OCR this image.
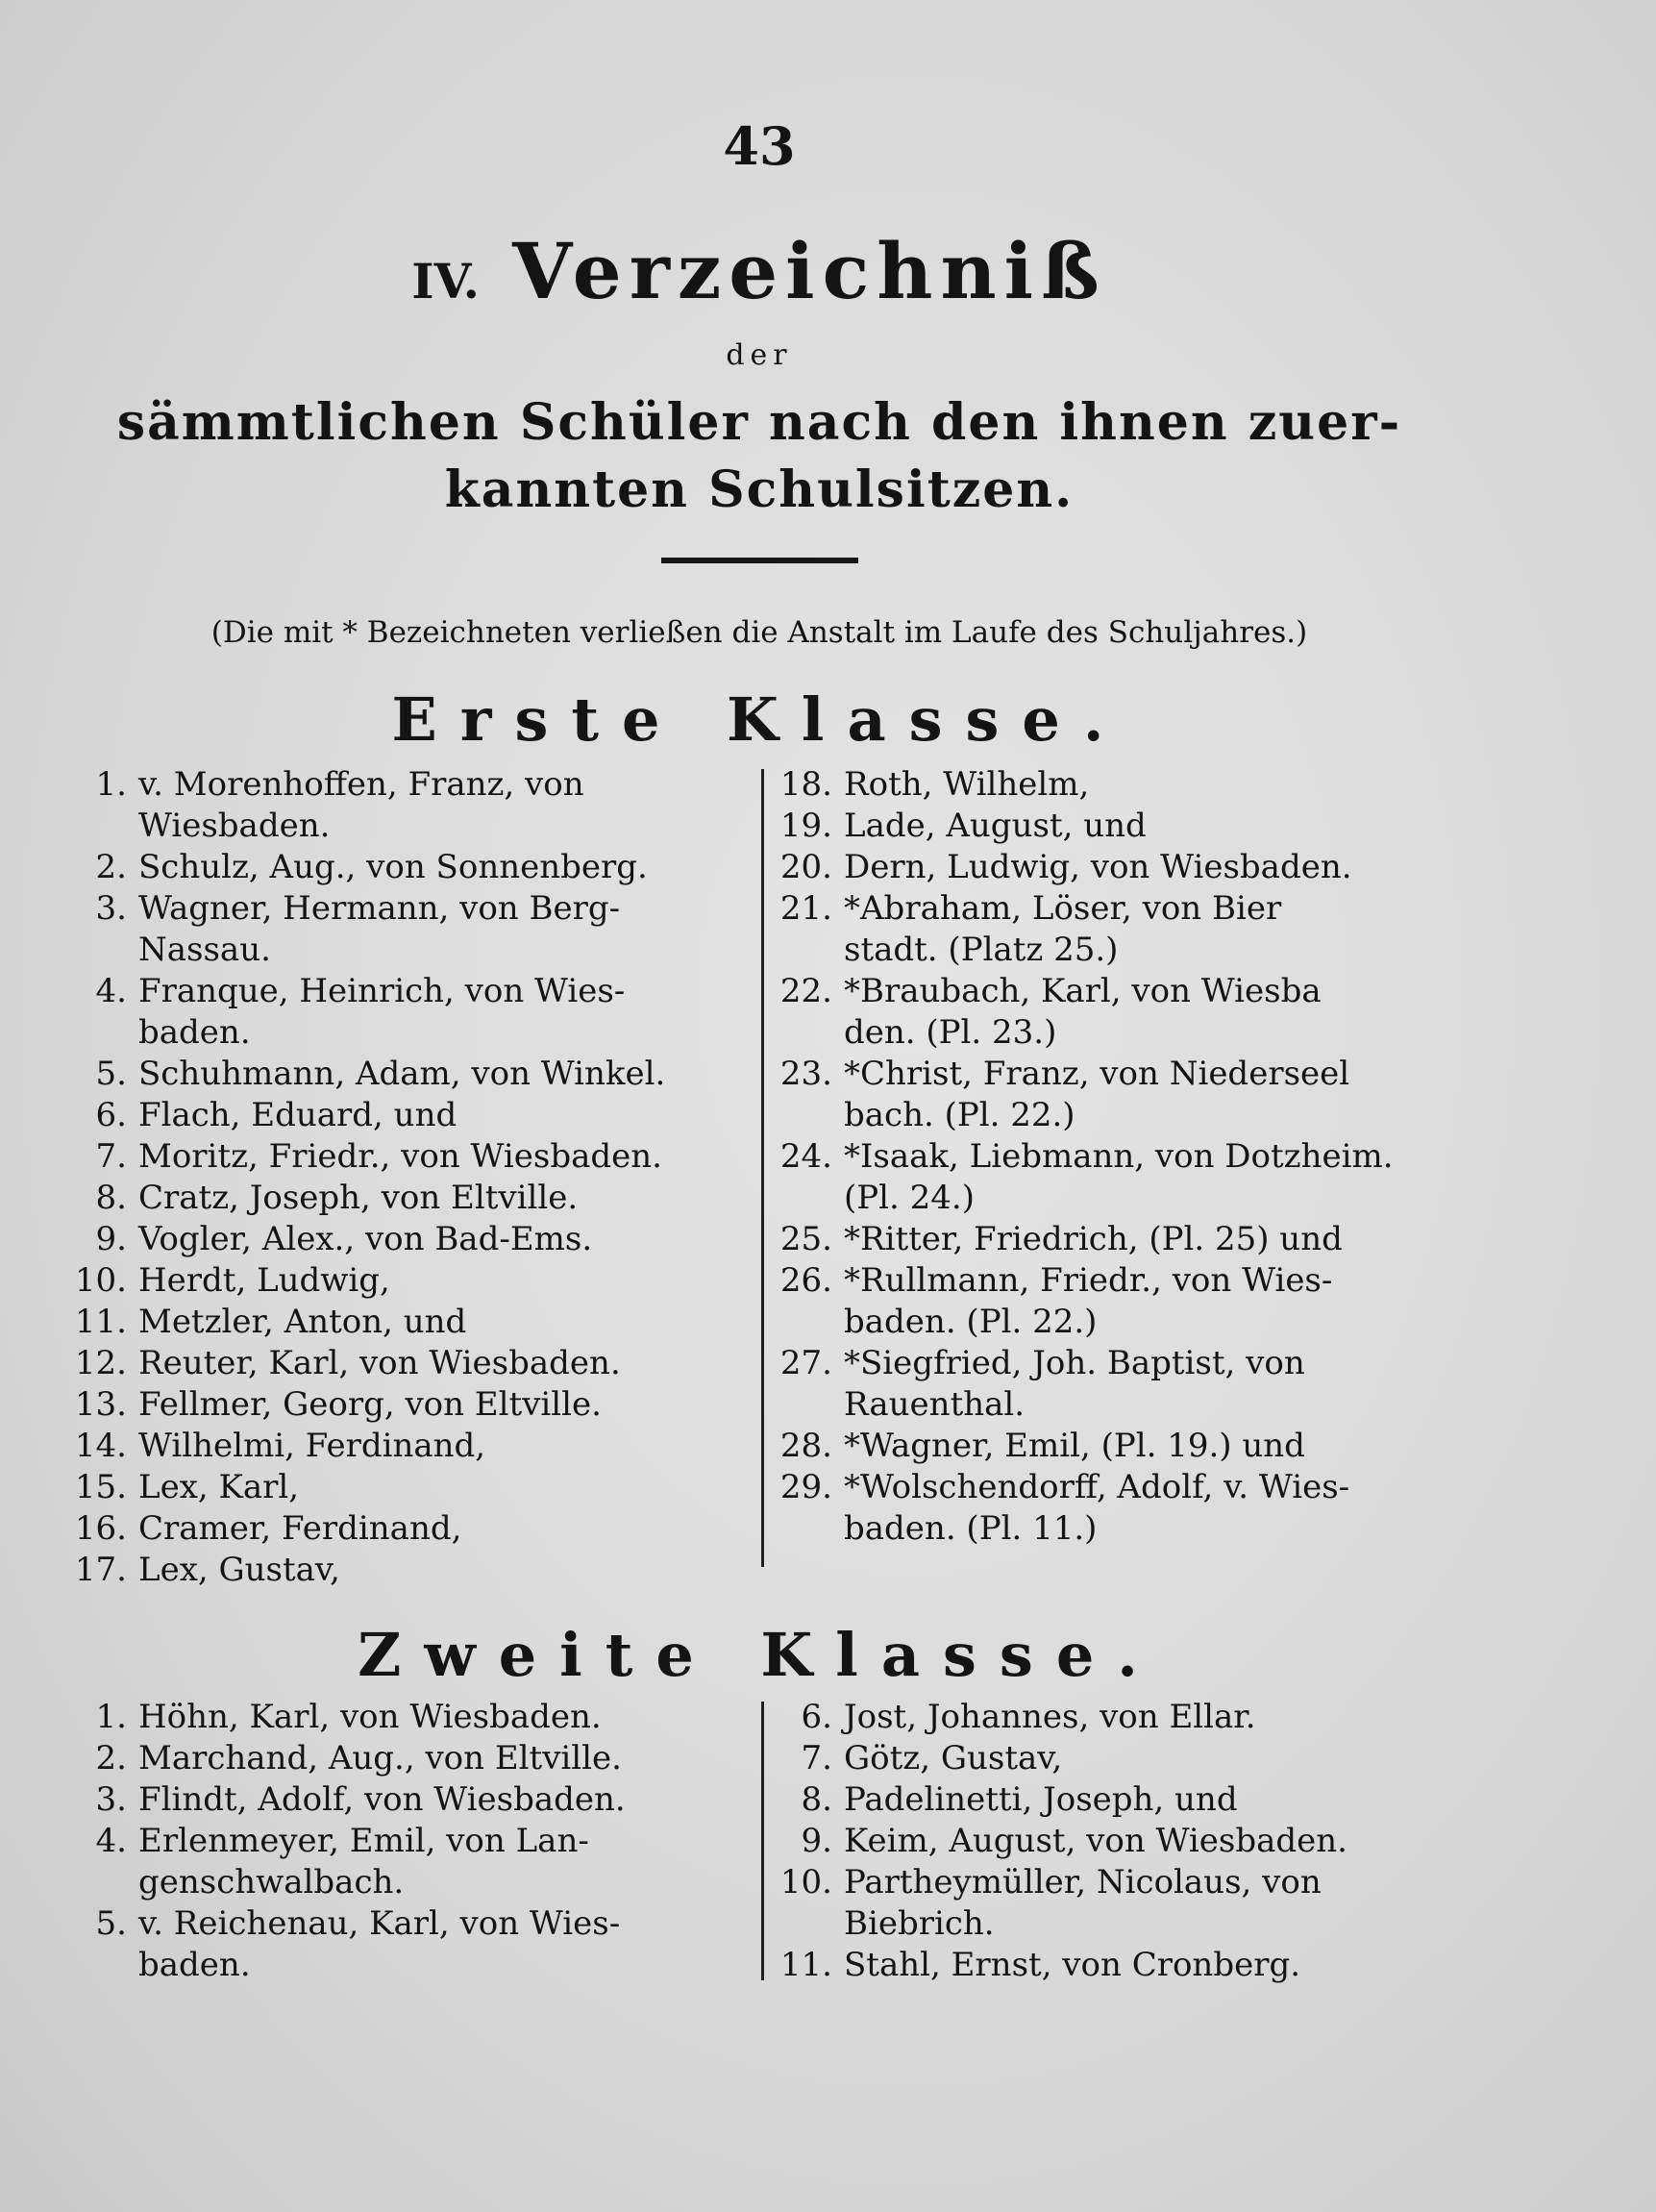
43
IV. Verzeichniß
der
sämmtlichen Schüler nach den ihnen zuer-
kannten Schulsitzen.
(Die mit * Bezeichneten verließen die Anstalt im Laufe des Schuljahres.)
Erste Klasse.
1. v. Morenhoffen, Franz, von
Wiesbaden.
2. Schulz, Aug., von Sonnenberg.
3. Wagner, Hermann, von Berg-
Nassau.
4. Franque, Heinrich, von Wies-
baden.
5. Schuhmann, Adam, von Winkel.
6. Flach, Eduard, und
7. Moritz, Friedr., von Wiesbaden.
8. Cratz, Joseph, von Eltville.
9. Vogler, Alex., von Bad-Ems.
10. Herdt, Ludwig,
11. Metzler, Anton, und
12. Reuter, Karl, von Wiesbaden.
13. Fellmer, Georg, von Eltville.
14. Wilhelmi, Ferdinand,
15. Lex, Karl,
16. Cramer, Ferdinand,
17. Lex, Gustav,
18. Roth, Wilhelm,
19. Lade, August, und
20. Dern, Ludwig, von Wiesbaden.
21. *Abraham, Löser, von Bier
stadt. (Platz 25.)
22. *Braubach, Karl, von Wiesba
den. (Pl. 23.)
23. *Christ, Franz, von Niederseel
bach. (Pl. 22.)
24. *Isaak, Liebmann, von Dotzheim.
(Pl. 24.)
25. *Ritter, Friedrich, (Pl. 25) und
26. *Rullmann, Friedr., von Wies-
baden. (Pl. 22.)
27. *Siegfried, Joh. Baptist, von
Rauenthal.
28. *Wagner, Emil, (Pl. 19.) und
29. *Wolschendorff, Adolf, v. Wies-
baden. (Pl. 11.)
Zweite Klasse.
1. Höhn, Karl, von Wiesbaden.
2. Marchand, Aug., von Eltville.
3. Flindt, Adolf, von Wiesbaden.
4. Erlenmeyer, Emil, von Lan-
genschwalbach.
5. v. Reichenau, Karl, von Wies-
baden.
6. Jost, Johannes, von Ellar.
7. Götz, Gustav,
8. Padelinetti, Joseph, und
9. Keim, August, von Wiesbaden.
10. Partheymüller, Nicolaus, von
Biebrich.
11. Stahl, Ernst, von Cronberg.
